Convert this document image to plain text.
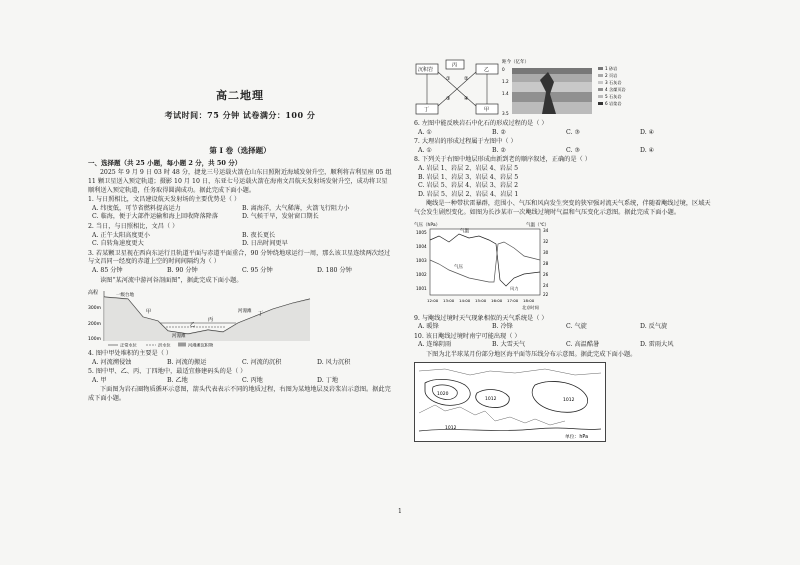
高二地理
考试时间：75 分钟 试卷满分：100 分
第 I 卷（选择题）
一、选择题（共 25 小题，每小题 2 分，共 50 分）

2025 年 9 月 9 日 03 时 48 分，捷龙三号运载火箭在山东日照附近海域发射升空，顺利将吉利星座 05 组 11 颗卫星送入预定轨道；摄影 10 月 10 日，东亚七号运载火箭在海南文昌航天发射场发射升空，成功将卫星顺利送入预定轨道，任务取得圆满成功。据此完成下面小题。

1. 与日照相比，文昌建设航天发射场的主要优势是（ ）

A. 纬度低，可节省燃料提高运力	B. 离海洋，大气稀薄，火箭飞行阻力小
C. 临海，便于大部件运输和海上回收降落降落	D. 气候干旱，发射窗口期长

2. 当日，与日照相比，文昌（ ）

A. 正午太阳高度更小	B. 夜长更长
C. 自转角速度更大	D. 日出时间更早

3. 若某颗卫星视在西向东运行且轨道平面与赤道平面重合，90 分钟绕地球运行一周，那么该卫星连续两次经过与文昌同一经度的赤道上空的时间间隔约为（ ）

A. 85 分钟	B. 90 分钟	C. 95 分钟	D. 180 分钟

读图“某河流中游河谷剖面图”，据此完成下面小题。

高程
300m
200m
100m
一级台地
甲
乙
丙
丁
河漫滩
河漫滩
正常水位	洪水位	河漫滩沉积物

4. 图中甲处堆积的主要是（ ）

A. 河流溯侵蚀	B. 河流的搬运	C. 河流的沉积	D. 风力沉积

5. 图中甲、乙、丙、丁四地中，最适宜修建码头的是（ ）

A. 甲	B. 乙地	C. 丙地	D. 丁地

下面图为岩石圈物质循环示意图，箭头代表表示不同的地质过程，右图为某地地层及岩浆岩示意图。据此完成下面小题。

沉积岩	乙
丙
丁	甲
①	②
③	④
距今（亿年）
0
1.2
1.4
3.5
1 砂岩
2 页岩
3 石灰岩
4 含煤页岩
5 石灰岩
6 岩浆岩

6. 左图中能反映岩石中化石的形成过程的是（ ）

A. ①	B. ②	C. ③	D. ④

7. 大理岩的形成过程属于左图中（ ）

A. ①	B. ②	C. ③	D. ④

8. 下列关于右图中地层形成由新到老的顺序叙述，正确的是（ ）

A. 岩层 1、岩层 2、岩层 4、岩层 5
B. 岩层 1、岩层 3、岩层 4、岩层 5
C. 岩层 5、岩层 4、岩层 3、岩层 2
D. 岩层 5、岩层 2、岩层 4、岩层 1

飑线是一种带状雷暴群，范围小、气压和风向发生突变的狭窄强对流天气系统，伴随着飑线过境，区域天气会发生剧烈变化。如图为长沙某市一次飑线过境时气温和气压变化示意图。据此完成下面小题。

气压（hPa）	气温（℃）
1005
1004
1003
1002
1001
34
32
30
28
26
24
22
气温
气压
风力
12:00 13:00 14:00 15:00 16:00 17:00 18:00
北京时间

9. 与飑线过境时天气现象相似的天气系统是（ ）

A. 暖锋	B. 冷锋	C. 气旋	D. 反气旋

10. 该日飑线过境时南宁可能出现（ ）

A. 连绵阴雨	B. 大雪天气	C. 高温酷暑	D. 雷雨大风

下图为北半球某月份部分地区海平面等压线分布示意图。据此完成下面小题。

1020
1012
1012
1012
单位：hPa
1
